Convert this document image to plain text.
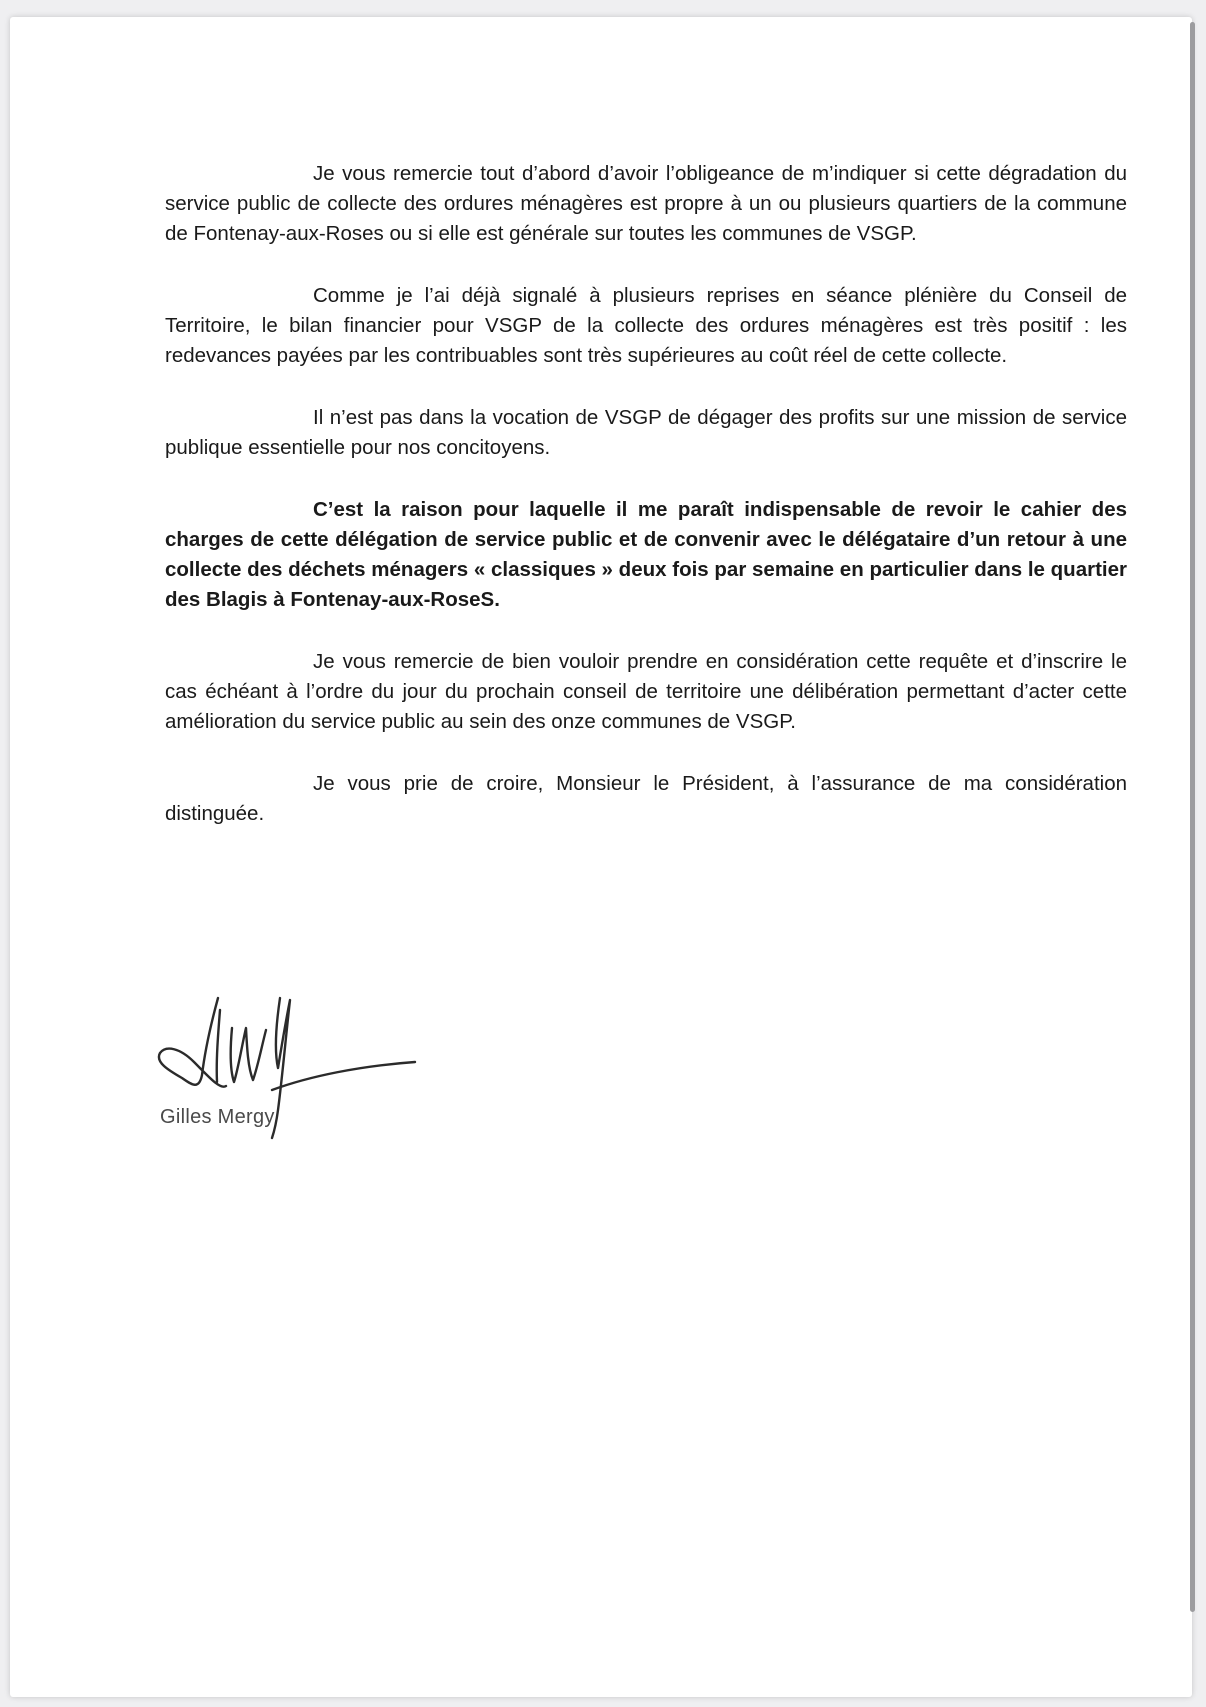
Je vous remercie tout d’abord d’avoir l’obligeance de m’indiquer si cette dégradation du service public de collecte des ordures ménagères est propre à un ou plusieurs quartiers de la commune de Fontenay-aux-Roses ou si elle est générale sur toutes les communes de VSGP.

Comme je l’ai déjà signalé à plusieurs reprises en séance plénière du Conseil de Territoire, le bilan financier pour VSGP de la collecte des ordures ménagères est très positif : les redevances payées par les contribuables sont très supérieures au coût réel de cette collecte.

Il n’est pas dans la vocation de VSGP de dégager des profits sur une mission de service publique essentielle pour nos concitoyens.

C’est la raison pour laquelle il me paraît indispensable de revoir le cahier des charges de cette délégation de service public et de convenir avec le délégataire d’un retour à une collecte des déchets ménagers « classiques » deux fois par semaine en particulier dans le quartier des Blagis à Fontenay-aux-RoseS.

Je vous remercie de bien vouloir prendre en considération cette requête et d’inscrire le cas échéant à l’ordre du jour du prochain conseil de territoire une délibération permettant d’acter cette amélioration du service public au sein des onze communes de VSGP.

Je vous prie de croire, Monsieur le Président, à l’assurance de ma considération distinguée.

Gilles Mergy
